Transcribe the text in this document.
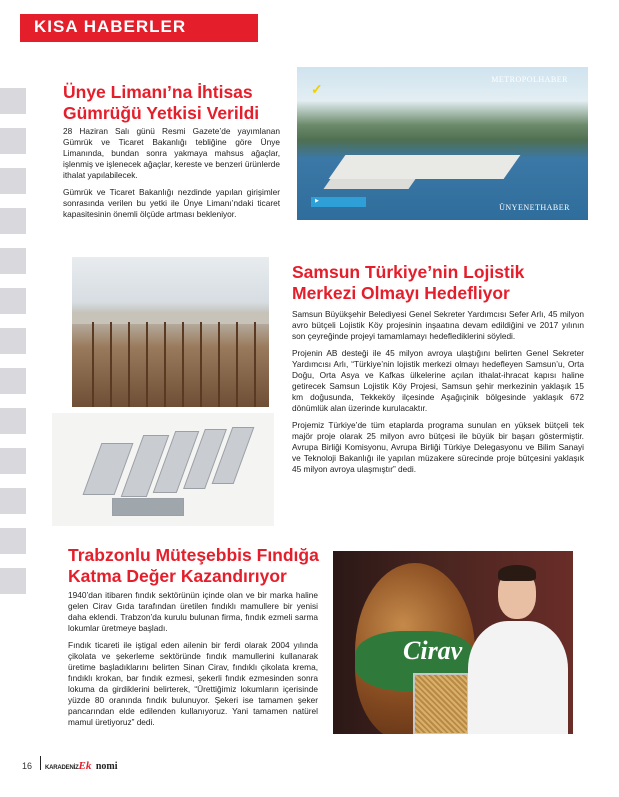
KISA HABERLER
Ünye Limanı’na İhtisas Gümrüğü Yetkisi Verildi

28 Haziran Salı günü Resmi Gazete’de yayımlanan Gümrük ve Ticaret Bakanlığı tebliğine göre Ünye Limanında, bundan sonra yakmaya mahsus ağaçlar, işlenmiş ve işlenecek ağaçlar, kereste ve benzeri ürünlerde ithalat yapılabilecek.

Gümrük ve Ticaret Bakanlığı nezdinde yapılan girişimler sonrasında verilen bu yetki ile Ünye Limanı’ndaki ticaret kapasitesinin önemli ölçüde artması bekleniyor.

✓
METROPOLHABER
▶
ÜNYENETHABER
Samsun Türkiye’nin Lojistik Merkezi Olmayı Hedefliyor

Samsun Büyükşehir Belediyesi Genel Sekreter Yardımcısı Sefer Arlı, 45 milyon avro bütçeli Lojistik Köy projesinin inşaatına devam edildiğini ve 2017 yılının son çeyreğinde projeyi tamamlamayı hedeflediklerini söyledi.

Projenin AB desteği ile 45 milyon avroya ulaştığını belirten Genel Sekreter Yardımcısı Arlı, “Türkiye’nin lojistik merkezi olmayı hedefleyen Samsun’u, Orta Doğu, Orta Asya ve Kafkas ülkelerine açılan ithalat-ihracat kapısı haline getirecek Samsun Lojistik Köy Projesi, Samsun şehir merkezinin yaklaşık 15 km doğusunda, Tekkeköy ilçesinde Aşağıçinik bölgesinde yaklaşık 672 dönümlük alan üzerinde kurulacaktır.

Projemiz Türkiye’de tüm etaplarda programa sunulan en yüksek bütçeli tek majör proje olarak 25 milyon avro bütçesi ile büyük bir başarı göstermiştir. Avrupa Birliği Komisyonu, Avrupa Birliği Türkiye Delegasyonu ve Bilim Sanayi ve Teknoloji Bakanlığı ile yapılan müzakere sürecinde proje bütçesini yaklaşık 45 milyon avroya ulaşmıştır” dedi.

Trabzonlu Müteşebbis Fındığa Katma Değer Kazandırıyor

1940’dan itibaren fındık sektörünün içinde olan ve bir marka haline gelen Cirav Gıda tarafından üretilen fındıklı mamullere bir yenisi daha eklendi. Trabzon’da kurulu bulunan firma, fındık ezmeli sarma lokumlar üretmeye başladı.

Fındık ticareti ile iştigal eden ailenin bir ferdi olarak 2004 yılında çikolata ve şekerleme sektöründe fındık mamullerini kullanarak üretime başladıklarını belirten Sinan Cirav, fındıklı çikolata krema, fındıklı krokan, bar fındık ezmesi, şekerli fındık ezmesinden sonra lokuma da girdiklerini belirterek, “Ürettiğimiz lokumların içerisinde yüzde 80 oranında fındık bulunuyor. Şekeri ise tamamen şeker pancarından elde edilenden kullanıyoruz. Yani tamamen natürel mamul üretiyoruz” dedi.

Cirav
16	KARADENİZEk nomi
